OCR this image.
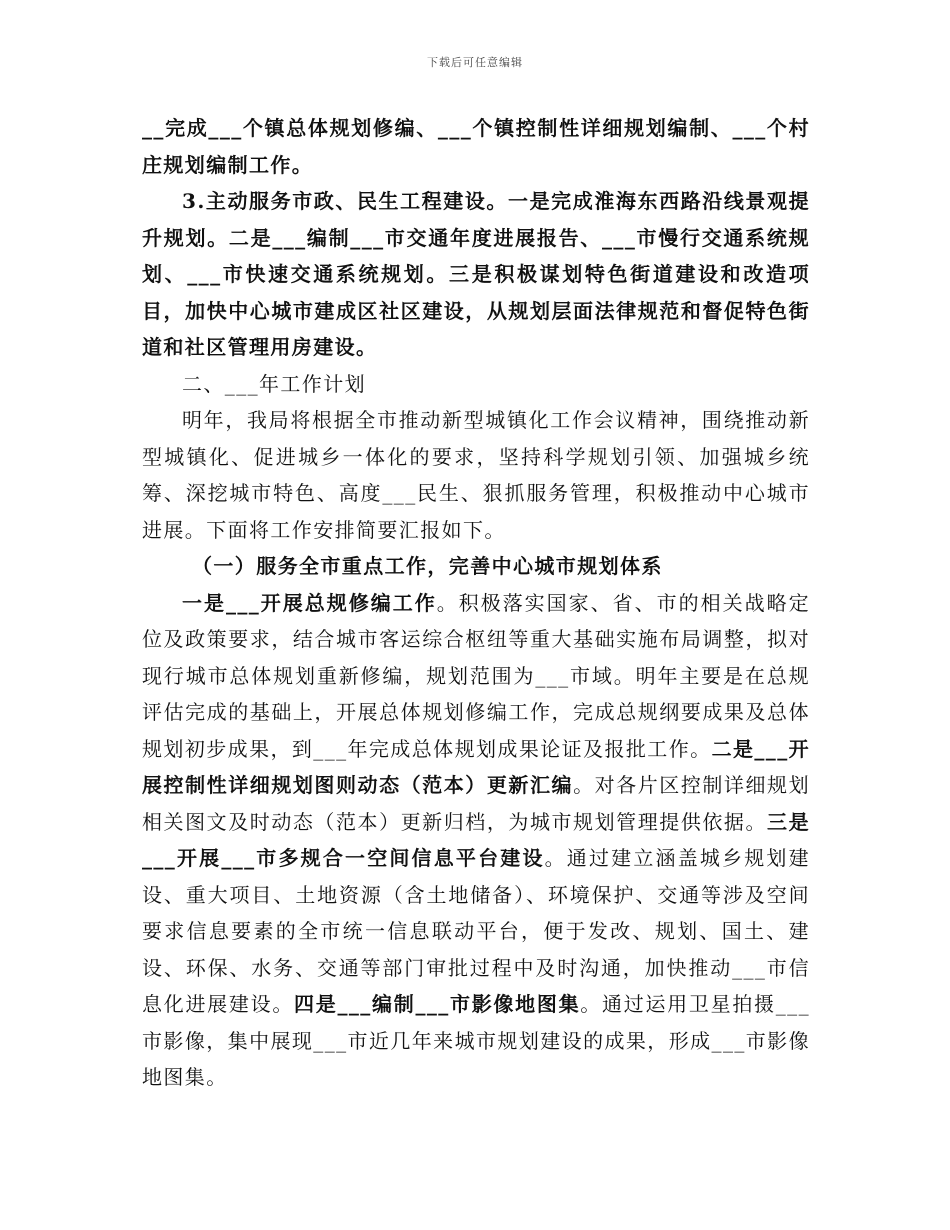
下载后可任意编辑

__完成___个镇总体规划修编、___个镇控制性详细规划编制、___个村庄规划编制工作。

3.主动服务市政、民生工程建设。一是完成淮海东西路沿线景观提升规划。二是___编制___市交通年度进展报告、___市慢行交通系统规划、___市快速交通系统规划。三是积极谋划特色街道建设和改造项目，加快中心城市建成区社区建设，从规划层面法律规范和督促特色街道和社区管理用房建设。

二、___年工作计划

明年，我局将根据全市推动新型城镇化工作会议精神，围绕推动新型城镇化、促进城乡一体化的要求，坚持科学规划引领、加强城乡统筹、深挖城市特色、高度___民生、狠抓服务管理，积极推动中心城市进展。下面将工作安排简要汇报如下。

（一）服务全市重点工作，完善中心城市规划体系

一是___开展总规修编工作。积极落实国家、省、市的相关战略定位及政策要求，结合城市客运综合枢纽等重大基础实施布局调整，拟对现行城市总体规划重新修编，规划范围为___市域。明年主要是在总规评估完成的基础上，开展总体规划修编工作，完成总规纲要成果及总体规划初步成果，到___年完成总体规划成果论证及报批工作。二是___开展控制性详细规划图则动态（范本）更新汇编。对各片区控制详细规划相关图文及时动态（范本）更新归档，为城市规划管理提供依据。三是___开展___市多规合一空间信息平台建设。通过建立涵盖城乡规划建设、重大项目、土地资源（含土地储备）、环境保护、交通等涉及空间要求信息要素的全市统一信息联动平台，便于发改、规划、国土、建设、环保、水务、交通等部门审批过程中及时沟通，加快推动___市信息化进展建设。四是___编制___市影像地图集。通过运用卫星拍摄___市影像，集中展现___市近几年来城市规划建设的成果，形成___市影像地图集。
